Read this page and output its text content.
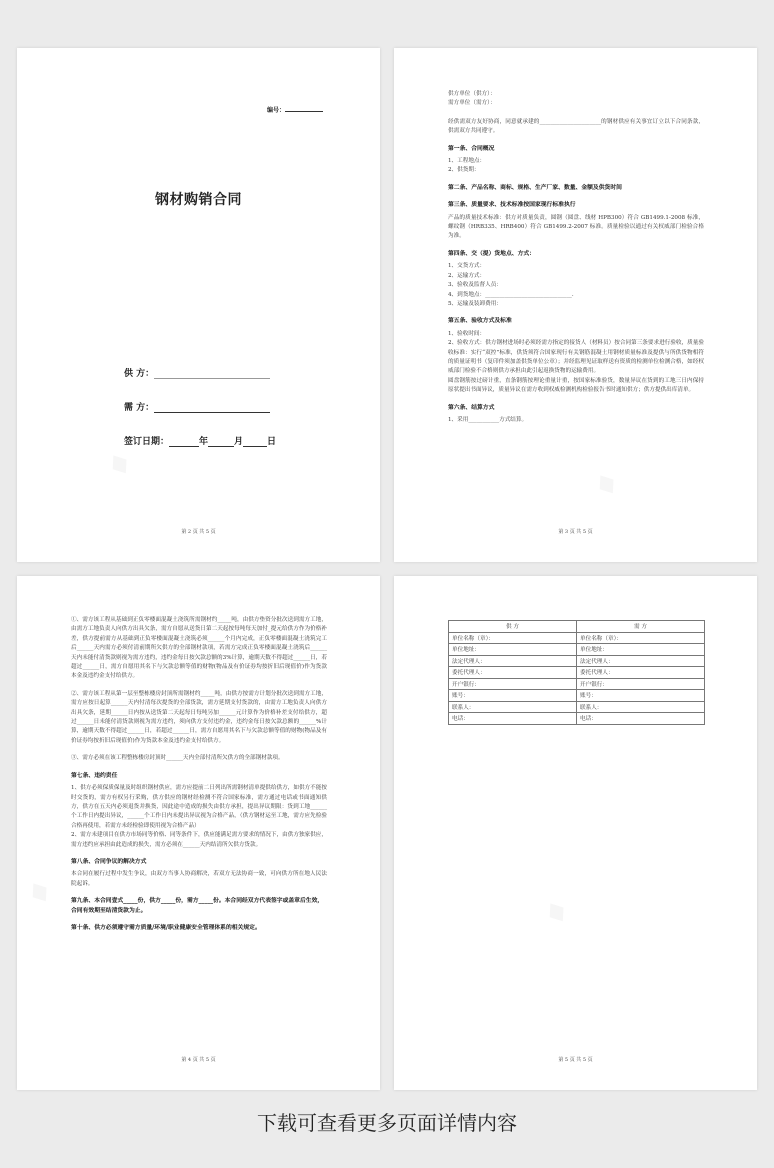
编号：
钢材购销合同
供 方：
需 方：
签订日期：	年	月	日
第 2 页 共 5 页

供方单位（供方）：

需方单位（需方）：

经供需双方友好协商，同意就承建的______________________的钢材供应有关事宜订立以下合同条款，供需双方共同遵守。

第一条、合同概况

1、工程地点：

2、供货期：

第二条、产品名称、商标、规格、生产厂家、数量、金额及供货时间
第三条、质量要求、技术标准按国家现行标准执行

产品的质量技术标准：供方对质量负责，圆钢（圆盘、线材 HPB300）符合 GB1499.1-2008 标准，螺纹钢（HRB335、HRB400）符合 GB1499.2-2007 标准。质量检验以通过有关权威部门检验合格为准。

第四条、交（提）货地点、方式：

1、交货方式：

2、运输方式：

3、验收及监督人员：

4、到货地点：_______________________________.

5、运输及装卸费用：

第五条、验收方式及标准

1、验收时间：

2、验收方式：供方钢材进场时必须经需方指定的接货人（材料员）按合同第三条要求进行验收，质量验收标准：实行“双控”标准，供货须符合国家现行有关钢筋混凝土用钢材质量标准及提供与所供货物相符的质量证明书（复印件须加盖供货单位公章）；并经监理见证取样送有资质的检测单位检测合格，如经权威部门检验不合格则供方承担由此引起返换货物的运输费用。

圆盘钢筋按过磅计重，直条钢筋按理论重量计重，按国家标准验货，数量异议在货到的工地三日内保持原状提出书面异议，质量异议在需方收到权威检测机构检验报告书时通知供方；供方提供出库清单。

第六条、结算方式

1、采用___________方式结算。

第 3 页 共 5 页

①、需方该工程从基础到正负零楼面混凝土浇筑所需钢材约_____吨，由供方垫资分批次送到需方工地，由需方工地负责人向供方出具欠条，需方自愿从送货日第二天起按每吨每天加付_提元给供方作为价格补差，供方提前需方从基础到正负零楼面混凝土浇筑必须______个月内完成，正负零楼面混凝土浇筑完工后______天内需方必须付清前期所欠供方的全部钢材款项，若需方完成正负零楼面混凝土浇筑后______天内未能付清货款则视为需方违约，违约金每日按欠款总额的3%计算，逾期天数不得超过______日，若超过______日，需方自愿用其名下与欠款总额等值的财物(物品及有价证券均按折旧后现值价)作为货款本金及违约金支付给供方。

②、需方该工程从第一层至整栋楼房封顶所需钢材约_____吨，由供方按需方计划分批次送到需方工地，需方应按日起算______天内付清每次提货的全部货款，需方延期支付货款的，由需方工地负责人向供方出具欠条，延期______日内按从送货第二天起每日每吨另加______元计算作为价格补差支付给供方，超过______日未能付清货款则视为需方违约，须向供方支付违约金，违约金每日按欠款总额的______%计算，逾期天数不得超过______日，若超过______日，需方自愿用其名下与欠款总额等值的财物(物品及有价证券均按折旧后现值价)作为货款本金及违约金支付给供方。

③、需方必须在该工程整栋楼房封顶时______天内全部付清所欠供方的全部钢材款项。

第七条、违约责任

1、供方必须保质保量及时组织钢材供应，需方应提前二日列出所需钢材清单提供给供方，如供方不能按时交货的，需方有权另行采购，供方供应的钢材经检测不符合国家标准，需方通过电话或书面通知供方，供方在五天内必须退货并换货，因此途中造成的损失由供方承担，提出异议期限：货到工地______个工作日内提出异议，______个工作日内未提出异议视为合格产品，（供方钢材运至工地，需方应先检验合格再使用，若需方未经检验即使用视为合格产品）

2、需方未建项目在供方市场同等价格、同等条件下，供应能满足需方要求的情况下，由供方独家供应，需方违约应承担由此造成的损失，需方必须在______天内结清所欠供方货款。

第八条、合同争议的解决方式

本合同在履行过程中发生争议，由双方当事人协商解决，若双方无法协商一致，可向供方所在地人民法院起诉。

第九条、本合同壹式_____份，供方_____份，需方_____份。本合同经双方代表签字或盖章后生效，合同有效期至结清货款为止。
第十条、供方必须遵守需方质量/环境/职业健康安全管理体系的相关规定。
第 4 页 共 5 页
供 方	需 方
单位名称（章）：	单位名称（章）：
单位地址：	单位地址：
法定代理人：	法定代理人：
委托代理人：	委托代理人：
开户银行：	开户银行：
账号：	账号：
联系人：	联系人：
电话：	电话：
第 5 页 共 5 页
下载可查看更多页面详情内容
